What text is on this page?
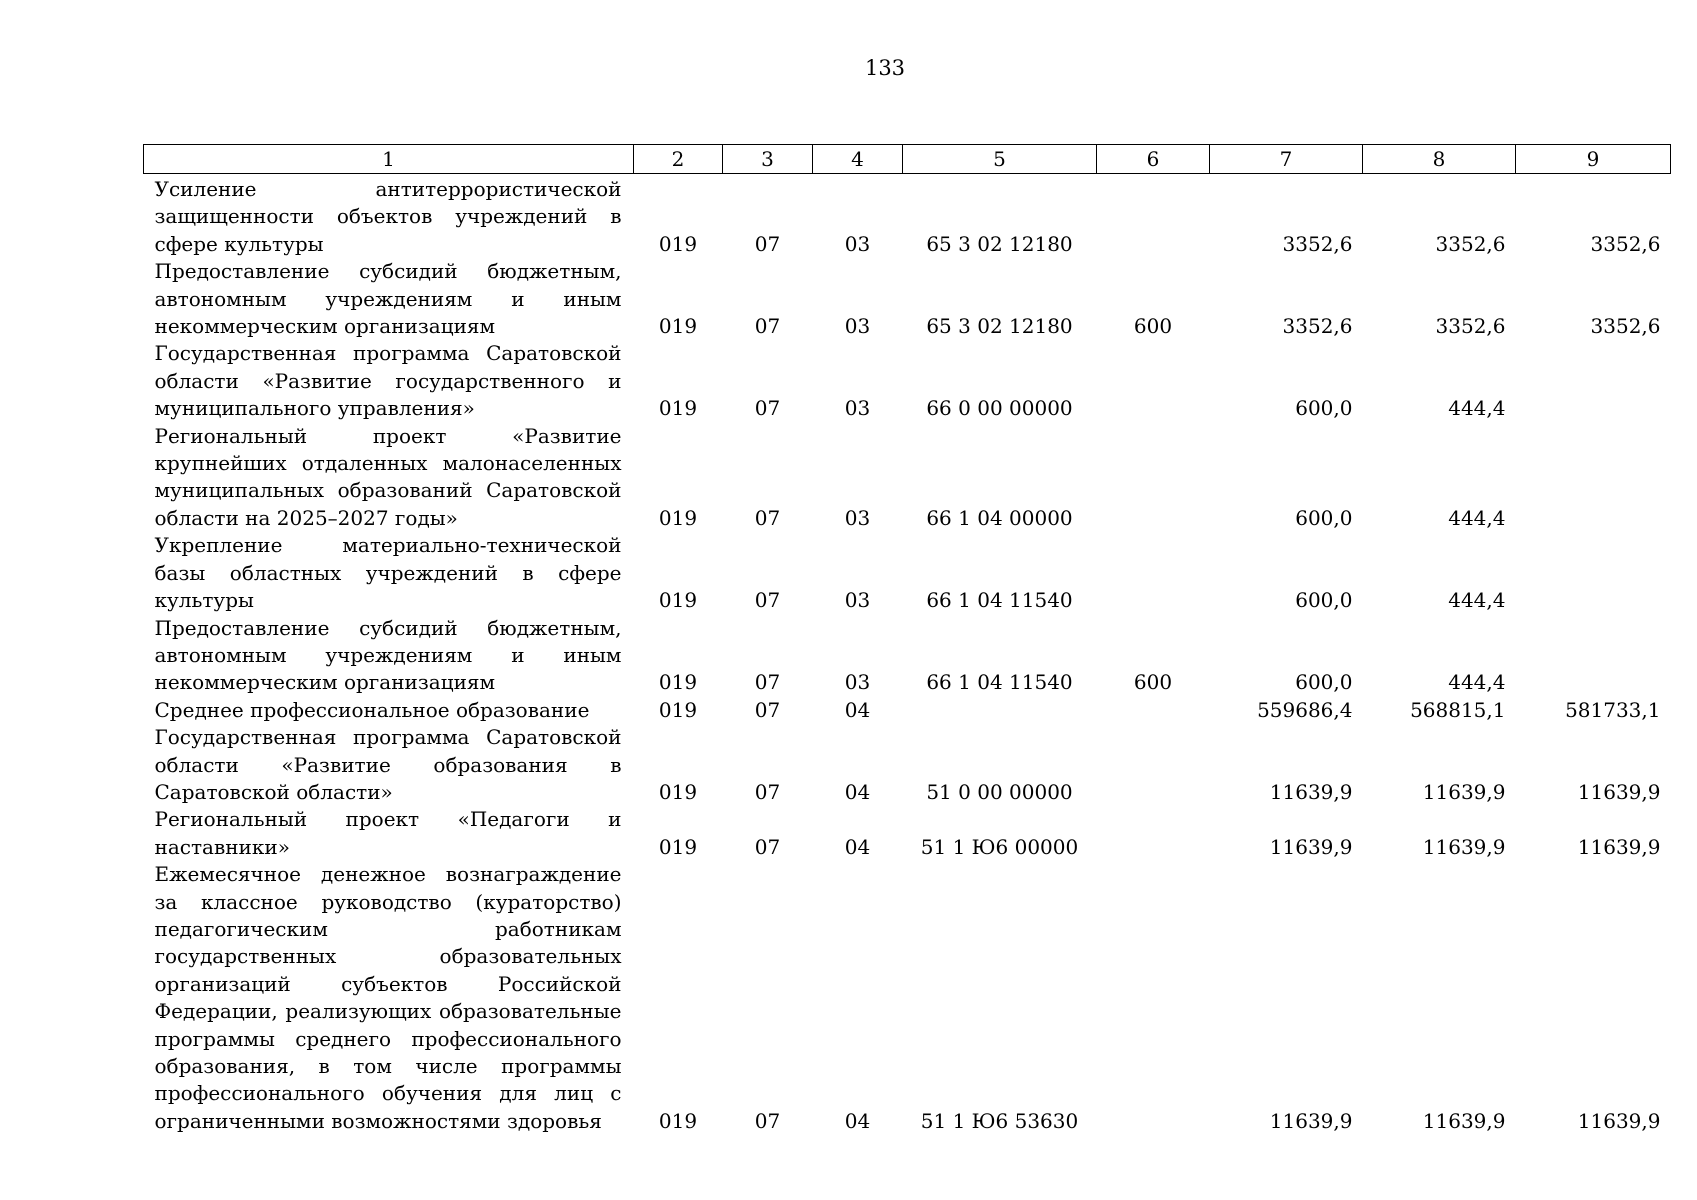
133
1	2	3	4	5	6	7	8	9
Усиление антитеррористической защищенности объектов учреждений в сфере культуры	019	07	03	65 3 02 12180		3352,6	3352,6	3352,6
Предоставление субсидий бюджетным, автономным учреждениям и иным некоммерческим организациям	019	07	03	65 3 02 12180	600	3352,6	3352,6	3352,6
Государственная программа Саратовской области «Развитие государственного и муниципального управления»	019	07	03	66 0 00 00000		600,0	444,4	
Региональный проект «Развитие крупнейших отдаленных малонаселенных муниципальных образований Саратовской области на 2025–2027 годы»	019	07	03	66 1 04 00000		600,0	444,4	
Укрепление материально-технической базы областных учреждений в сфере культуры	019	07	03	66 1 04 11540		600,0	444,4	
Предоставление субсидий бюджетным, автономным учреждениям и иным некоммерческим организациям	019	07	03	66 1 04 11540	600	600,0	444,4	
Среднее профессиональное образование	019	07	04			559686,4	568815,1	581733,1
Государственная программа Саратовской области «Развитие образования в Саратовской области»	019	07	04	51 0 00 00000		11639,9	11639,9	11639,9
Региональный проект «Педагоги и наставники»	019	07	04	51 1 Ю6 00000		11639,9	11639,9	11639,9
Ежемесячное денежное вознаграждение за классное руководство (кураторство) педагогическим работникам государственных образовательных организаций субъектов Российской Федерации, реализующих образовательные программы среднего профессионального образования, в том числе программы профессионального обучения для лиц с ограниченными возможностями здоровья	019	07	04	51 1 Ю6 53630		11639,9	11639,9	11639,9
